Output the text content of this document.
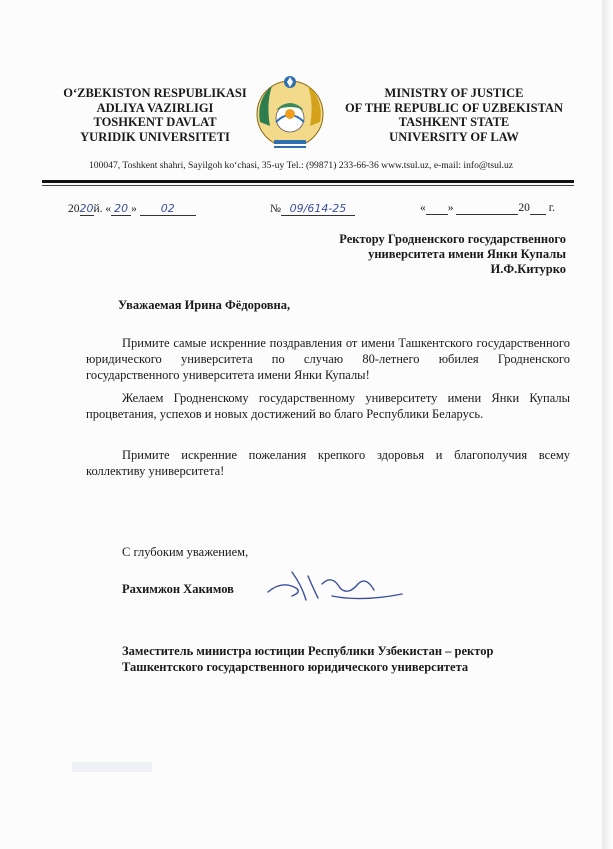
O‘ZBEKISTON RESPUBLIKASI
ADLIYA VAZIRLIGI
TOSHKENT DAVLAT
YURIDIK UNIVERSITETI
MINISTRY OF JUSTICE
OF THE REPUBLIC OF UZBEKISTAN
TASHKENT STATE
UNIVERSITY OF LAW
100047, Toshkent shahri, Sayilgoh ko‘chasi, 35-uy Tel.: (99871) 233-66-36 www.tsul.uz, e-mail: info@tsul.uz
2020й. « 20 » 02	№ 09/614-25	« »	20 г.
Ректору Гродненского государственного
университета имени Янки Купалы
И.Ф.Китурко
Уважаемая Ирина Фёдоровна,

Примите самые искренние поздравления от имени Ташкентского государственного юридического университета по случаю 80-летнего юбилея Гродненского государственного университета имени Янки Купалы!

Желаем Гродненскому государственному университету имени Янки Купалы процветания, успехов и новых достижений во благо Республики Беларусь.

Примите искренние пожелания крепкого здоровья и благополучия всему коллективу университета!

С глубоким уважением,
Рахимжон Хакимов
Заместитель министра юстиции Республики Узбекистан – ректор
Ташкентского государственного юридического университета
